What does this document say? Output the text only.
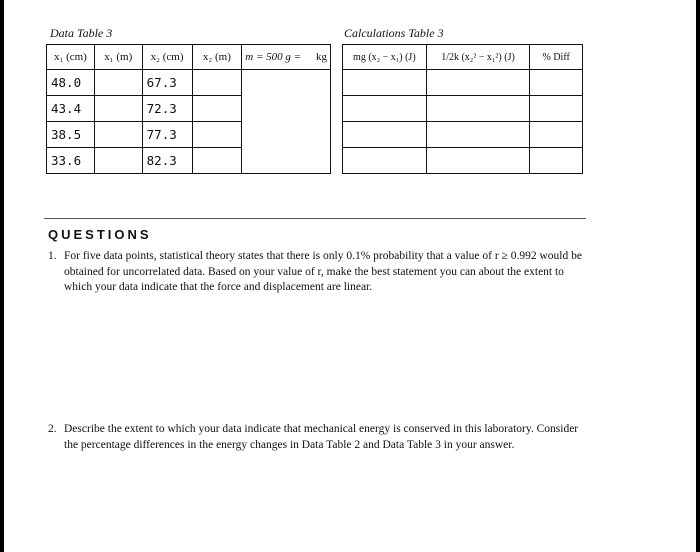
Data Table 3	Calculations Table 3
x₁ (cm)	x₁ (m)	x₂ (cm)	x₂ (m)	m = 500 g = kg

48.0		67.3		
43.4		72.3		
38.5		77.3		
33.6		82.3		
mg (x₂ − x₁) (J)	1/2k (x₂² − x₁²) (J)	% Diff

QUESTIONS
1. For five data points, statistical theory states that there is only 0.1% probability that a value of r ≥ 0.992 would be obtained for uncorrelated data. Based on your value of r, make the best statement you can about the extent to which your data indicate that the force and displacement are linear.
2. Describe the extent to which your data indicate that mechanical energy is conserved in this laboratory. Consider the percentage differences in the energy changes in Data Table 2 and Data Table 3 in your answer.
